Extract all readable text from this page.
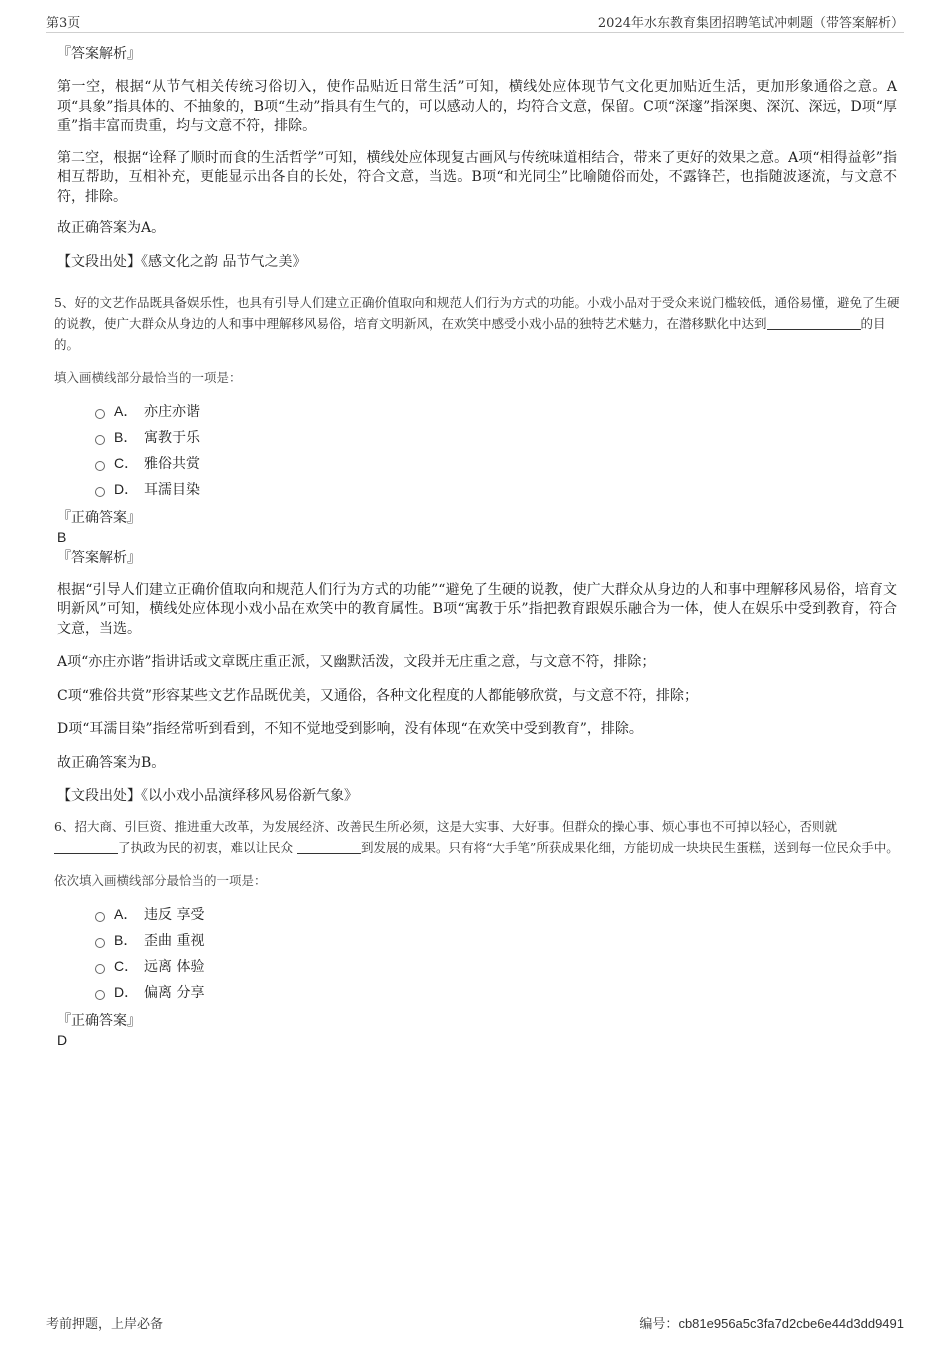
第3页	2024年水东教育集团招聘笔试冲刺题（带答案解析）

『答案解析』

第一空，根据“从节气相关传统习俗切入，使作品贴近日常生活”可知，横线处应体现节气文化更加贴近生活，更加形象通俗之意。A项“具象”指具体的、不抽象的，B项“生动”指具有生气的，可以感动人的，均符合文意，保留。C项“深邃”指深奥、深沉、深远，D项“厚重”指丰富而贵重，均与文意不符，排除。

第二空，根据“诠释了顺时而食的生活哲学”可知，横线处应体现复古画风与传统味道相结合，带来了更好的效果之意。A项“相得益彰”指相互帮助，互相补充，更能显示出各自的长处，符合文意，当选。B项“和光同尘”比喻随俗而处，不露锋芒，也指随波逐流，与文意不符，排除。

故正确答案为A。

【文段出处】《感文化之韵 品节气之美》

5、好的文艺作品既具备娱乐性，也具有引导人们建立正确价值取向和规范人们行为方式的功能。小戏小品对于受众来说门槛较低，通俗易懂，避免了生硬的说教，使广大群众从身边的人和事中理解移风易俗，培育文明新风，在欢笑中感受小戏小品的独特艺术魅力，在潜移默化中达到	的目的。

填入画横线部分最恰当的一项是：

A． 亦庄亦谐
B． 寓教于乐
C． 雅俗共赏
D． 耳濡目染

『正确答案』

B

『答案解析』

根据“引导人们建立正确价值取向和规范人们行为方式的功能”“避免了生硬的说教，使广大群众从身边的人和事中理解移风易俗，培育文明新风”可知，横线处应体现小戏小品在欢笑中的教育属性。B项“寓教于乐”指把教育跟娱乐融合为一体，使人在娱乐中受到教育，符合文意，当选。

A项“亦庄亦谐”指讲话或文章既庄重正派，又幽默活泼，文段并无庄重之意，与文意不符，排除；

C项“雅俗共赏”形容某些文艺作品既优美，又通俗，各种文化程度的人都能够欣赏，与文意不符，排除；

D项“耳濡目染”指经常听到看到，不知不觉地受到影响，没有体现“在欢笑中受到教育”，排除。

故正确答案为B。

【文段出处】《以小戏小品演绎移风易俗新气象》

6、招大商、引巨资、推进重大改革，为发展经济、改善民生所必须，这是大实事、大好事。但群众的操心事、烦心事也不可掉以轻心，否则就了执政为民的初衷，难以让民众	到发展的成果。只有将“大手笔”所获成果化细，方能切成一块块民生蛋糕，送到每一位民众手中。

依次填入画横线部分最恰当的一项是：

A． 违反 享受
B． 歪曲 重视
C． 远离 体验
D． 偏离 分享

『正确答案』

D

考前押题，上岸必备	编号：cb81e956a5c3fa7d2cbe6e44d3dd9491
